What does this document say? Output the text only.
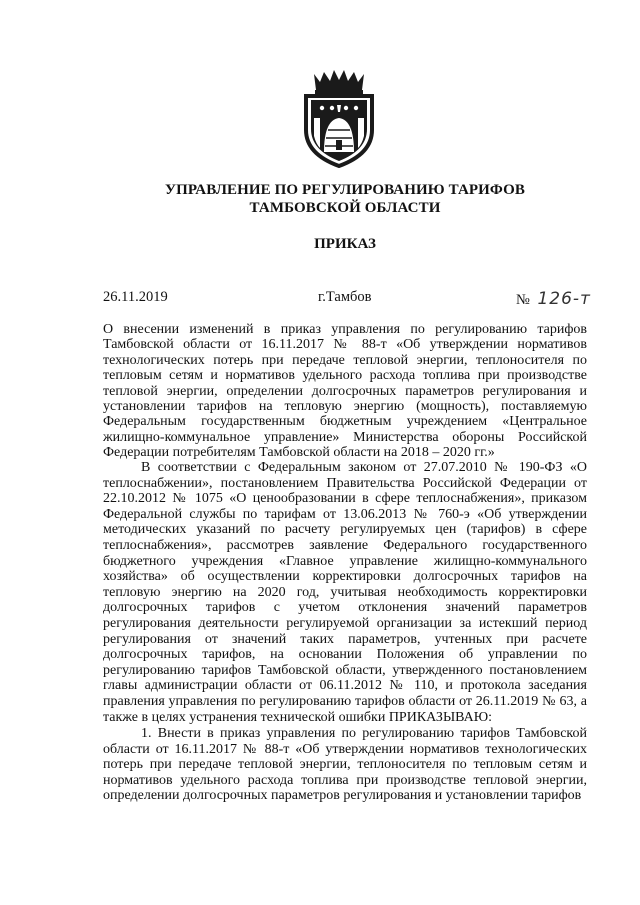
УПРАВЛЕНИЕ ПО РЕГУЛИРОВАНИЮ ТАРИФОВ
ТАМБОВСКОЙ ОБЛАСТИ
ПРИКАЗ
26.11.2019	г.Тамбов	№ 126-т
О внесении изменений в приказ управления по регулированию тарифов Тамбовской области от 16.11.2017 № 88-т «Об утверждении нормативов технологических потерь при передаче тепловой энергии, теплоносителя по тепловым сетям и нормативов удельного расхода топлива при производстве тепловой энергии, определении долгосрочных параметров регулирования и установлении тарифов на тепловую энергию (мощность), поставляемую Федеральным государственным бюджетным учреждением «Центральное жилищно-коммунальное управление» Министерства обороны Российской Федерации потребителям Тамбовской области на 2018 – 2020 гг.»
В соответствии с Федеральным законом от 27.07.2010 № 190-ФЗ «О теплоснабжении», постановлением Правительства Российской Федерации от 22.10.2012 № 1075 «О ценообразовании в сфере теплоснабжения», приказом Федеральной службы по тарифам от 13.06.2013 № 760-э «Об утверждении методических указаний по расчету регулируемых цен (тарифов) в сфере теплоснабжения», рассмотрев заявление Федерального государственного бюджетного учреждения «Главное управление жилищно-коммунального хозяйства» об осуществлении корректировки долгосрочных тарифов на тепловую энергию на 2020 год, учитывая необходимость корректировки долгосрочных тарифов с учетом отклонения значений параметров регулирования деятельности регулируемой организации за истекший период регулирования от значений таких параметров, учтенных при расчете долгосрочных тарифов, на основании Положения об управлении по регулированию тарифов Тамбовской области, утвержденного постановлением главы администрации области от 06.11.2012 № 110, и протокола заседания правления управления по регулированию тарифов области от 26.11.2019 № 63, а также в целях устранения технической ошибки ПРИКАЗЫВАЮ:
1. Внести в приказ управления по регулированию тарифов Тамбовской области от 16.11.2017 № 88-т «Об утверждении нормативов технологических потерь при передаче тепловой энергии, теплоносителя по тепловым сетям и нормативов удельного расхода топлива при производстве тепловой энергии, определении долгосрочных параметров регулирования и установлении тарифов
